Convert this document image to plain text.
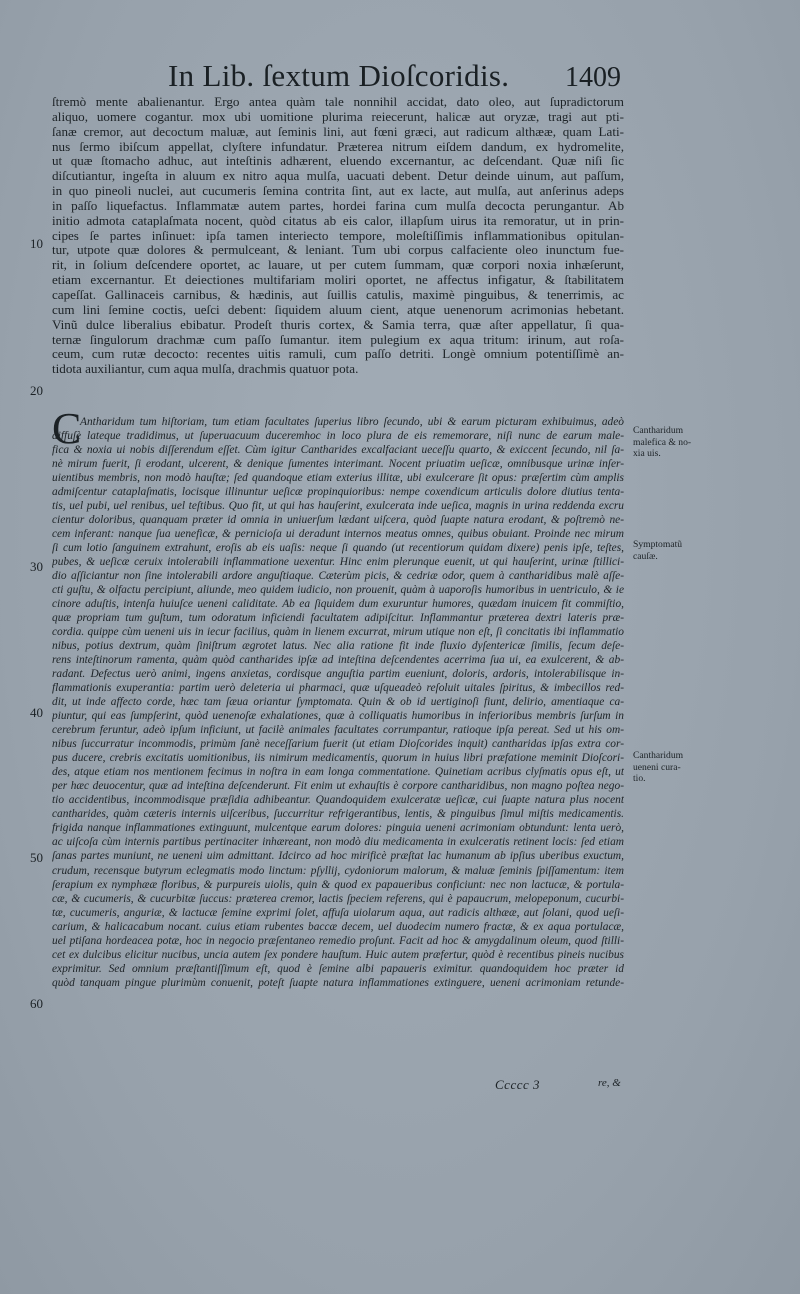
In Lib. ſextum Dioſcoridis. 1409
10
20
30
40
50
60
ſtremò mente abalienantur. Ergo antea quàm tale nonnihil accidat, dato oleo, aut ſupradictorum
aliquo, uomere cogantur. mox ubi uomitione plurima reiecerunt, halicæ aut oryzæ, tragi aut pti-
ſanæ cremor, aut decoctum maluæ, aut ſeminis lini, aut fœni græci, aut radicum althææ, quam Lati-
nus ſermo ibiſcum appellat, clyſtere infundatur. Præterea nitrum eiſdem dandum, ex hydromelite,
ut quæ ſtomacho adhuc, aut inteſtinis adhærent, eluendo excernantur, ac deſcendant. Quæ niſi ſic
diſcutiantur, ingeſta in aluum ex nitro aqua mulſa, uacuati debent. Detur deinde uinum, aut paſſum,
in quo pineoli nuclei, aut cucumeris ſemina contrita ſint, aut ex lacte, aut mulſa, aut anſerinus adeps
in paſſo liquefactus. Inflammatæ autem partes, hordei farina cum mulſa decocta perungantur. Ab
initio admota cataplaſmata nocent, quòd citatus ab eis calor, illapſum uirus ita remoratur, ut in prin-
cipes ſe partes inſinuet: ipſa tamen interiecto tempore, moleſtiſſimis inflammationibus opitulan-
tur, utpote quæ dolores & permulceant, & leniant. Tum ubi corpus calfaciente oleo inunctum fue-
rit, in ſolium deſcendere oportet, ac lauare, ut per cutem ſummam, quæ corpori noxia inhæſerunt,
etiam excernantur. Et deiectiones multifariam moliri oportet, ne affectus infigatur, & ſtabilitatem
capeſſat. Gallinaceis carnibus, & hædinis, aut ſuillis catulis, maximè pinguibus, & tenerrimis, ac
cum lini ſemine coctis, ueſci debent: ſiquidem aluum cient, atque uenenorum acrimonias hebetant.
Vinũ dulce liberalius ebibatur. Prodeſt thuris cortex, & Samia terra, quæ aſter appellatur, ſi qua-
ternæ ſingulorum drachmæ cum paſſo ſumantur. item pulegium ex aqua tritum: irinum, aut roſa-
ceum, cum rutæ decocto: recentes uitis ramuli, cum paſſo detriti. Longè omnium potentiſſimè an-
tidota auxiliantur, cum aqua mulſa, drachmis quatuor pota.
C
Antharidum tum hiſtoriam, tum etiam facultates ſuperius libro ſecundo, ubi & earum picturam exhibuimus, adeò
diffuſè lateque tradidimus, ut ſuperuacuum duceremhoc in loco plura de eis rememorare, niſi nunc de earum male-
fica & noxia ui nobis diſſerendum eſſet. Cùm igitur Cantharides excalfaciant ueceſſu quarto, & exiccent ſecundo, nil ſa-
nè mirum fuerit, ſi erodant, ulcerent, & denique ſumentes interimant. Nocent priuatim ueſicæ, omnibusque urinæ inſer-
uientibus membris, non modò hauſtæ; ſed quandoque etiam exterius illitæ, ubi exulcerare ſit opus: præſertim cùm amplis
admiſcentur cataplaſmatis, locisque illinuntur ueſicæ propinquioribus: nempe coxendicum articulis dolore diutius tenta-
tis, uel pubi, uel renibus, uel teſtibus. Quo fit, ut qui has hauſerint, exulcerata inde ueſica, magnis in urina reddenda excru
cientur doloribus, quanquam præter id omnia in uniuerſum lædant uiſcera, quòd ſuapte natura erodant, & poſtremò ne-
cem inferant: nanque ſua ueneficæ, & pernicioſa ui deradunt internos meatus omnes, quibus obuiant. Proinde nec mirum
ſi cum lotio ſanguinem extrahunt, eroſis ab eis uaſis: neque ſi quando (ut recentiorum quidam dixere) penis ipſe, teſtes,
pubes, & ueſicæ ceruix intolerabili inflammatione uexentur. Hinc enim plerunque euenit, ut qui hauſerint, urinæ ſtillici-
dio aſſiciantur non ſine intolerabili ardore anguſtiaque. Cæterùm picis, & cedriæ odor, quem à cantharidibus malè aſſe-
cti guſtu, & olfactu percipiunt, aliunde, meo quidem iudicio, non prouenit, quàm à uaporoſis humoribus in uentriculo, & ie
cinore aduſtis, intenſa huiuſce ueneni caliditate. Ab ea ſiquidem dum exuruntur humores, quædam inuicem fit commiſtio,
quæ propriam tum guſtum, tum odoratum inficiendi facultatem adipiſcitur. Inflammantur præterea dextri lateris præ-
cordia. quippe cùm ueneni uis in iecur facilius, quàm in lienem excurrat, mirum utique non eſt, ſi concitatis ibi inflammatio
nibus, potius dextrum, quàm ſiniſtrum ægrotet latus. Nec alia ratione fit inde fluxio dyſentericæ ſimilis, ſecum deſe-
rens inteſtinorum ramenta, quàm quòd cantharides ipſæ ad inteſtina deſcendentes acerrima ſua ui, ea exulcerent, & ab-
radant. Defectus uerò animi, ingens anxietas, cordisque anguſtia partim eueniunt, doloris, ardoris, intolerabilisque in-
flammationis exuperantia: partim uerò deleteria ui pharmaci, quæ uſqueadeò reſoluit uitales ſpiritus, & imbecillos red-
dit, ut inde affecto corde, hæc tam ſæua oriantur ſymptomata. Quin & ob id uertiginoſi fiunt, delirio, amentiaque ca-
piuntur, qui eas ſumpſerint, quòd uenenoſæ exhalationes, quæ à colliquatis humoribus in inferioribus membris ſurſum in
cerebrum feruntur, adeò ipſum inficiunt, ut facilè animales facultates corrumpantur, ratioque ipſa pereat. Sed ut his om-
nibus ſuccurratur incommodis, primùm ſanè neceſſarium fuerit (ut etiam Dioſcorides inquit) cantharidas ipſas extra cor-
pus ducere, crebris excitatis uomitionibus, iis nimirum medicamentis, quorum in huius libri præfatione meminit Dioſcori-
des, atque etiam nos mentionem fecimus in noſtra in eam longa commentatione. Quinetiam acribus clyſmatis opus eſt, ut
per hæc deuocentur, quæ ad inteſtina deſcenderunt. Fit enim ut exhauſtis è corpore cantharidibus, non magno poſtea nego-
tio accidentibus, incommodisque præſidia adhibeantur. Quandoquidem exulceratæ ueſicæ, cui ſuapte natura plus nocent
cantharides, quàm cæteris internis uiſceribus, ſuccurritur refrigerantibus, lentis, & pinguibus ſimul miſtis medicamentis.
frigida nanque inflammationes extinguunt, mulcentque earum dolores: pinguia ueneni acrimoniam obtundunt: lenta uerò,
ac uiſcoſa cùm internis partibus pertinaciter inhæreant, non modò diu medicamenta in exulceratis retinent locis: ſed etiam
ſanas partes muniunt, ne ueneni uim admittant. Idcirco ad hoc mirificè præſtat lac humanum ab ipſius uberibus exuctum,
crudum, recensque butyrum eclegmatis modo linctum: pſyllij, cydoniorum malorum, & maluæ ſeminis ſpiſſamentum: item
ſerapium ex nymphææ floribus, & purpureis uiolis, quin & quod ex papaueribus conficiunt: nec non lactucæ, & portula-
cæ, & cucumeris, & cucurbitæ ſuccus: præterea cremor, lactis ſpeciem referens, qui è papaucrum, melopeponum, cucurbi-
tæ, cucumeris, anguriæ, & lactucæ ſemine exprimi ſolet, affuſa uiolarum aqua, aut radicis althææ, aut ſolani, quod ueſi-
carium, & halicacabum nocant. cuius etiam rubentes baccæ decem, uel duodecim numero fractæ, & ex aqua portulacæ,
uel ptiſana hordeacea potæ, hoc in negocio præſentaneo remedio proſunt. Facit ad hoc & amygdalinum oleum, quod ſtilli-
cet ex dulcibus elicitur nucibus, uncia autem ſex pondere hauſtum. Huic autem præfertur, quòd è recentibus pineis nucibus
exprimitur. Sed omnium præſtantiſſimum eſt, quod è ſemine albi papaueris eximitur. quandoquidem hoc præter id
quòd tanquam pingue plurimùm conuenit, poteſt ſuapte natura inflammationes extinguere, ueneni acrimoniam retunde-
Cantharidum
malefica & no-
xia uis.
Symptomatũ
cauſæ.
Cantharidum
ueneni cura-
tio.
Ccccc 3	re, &
